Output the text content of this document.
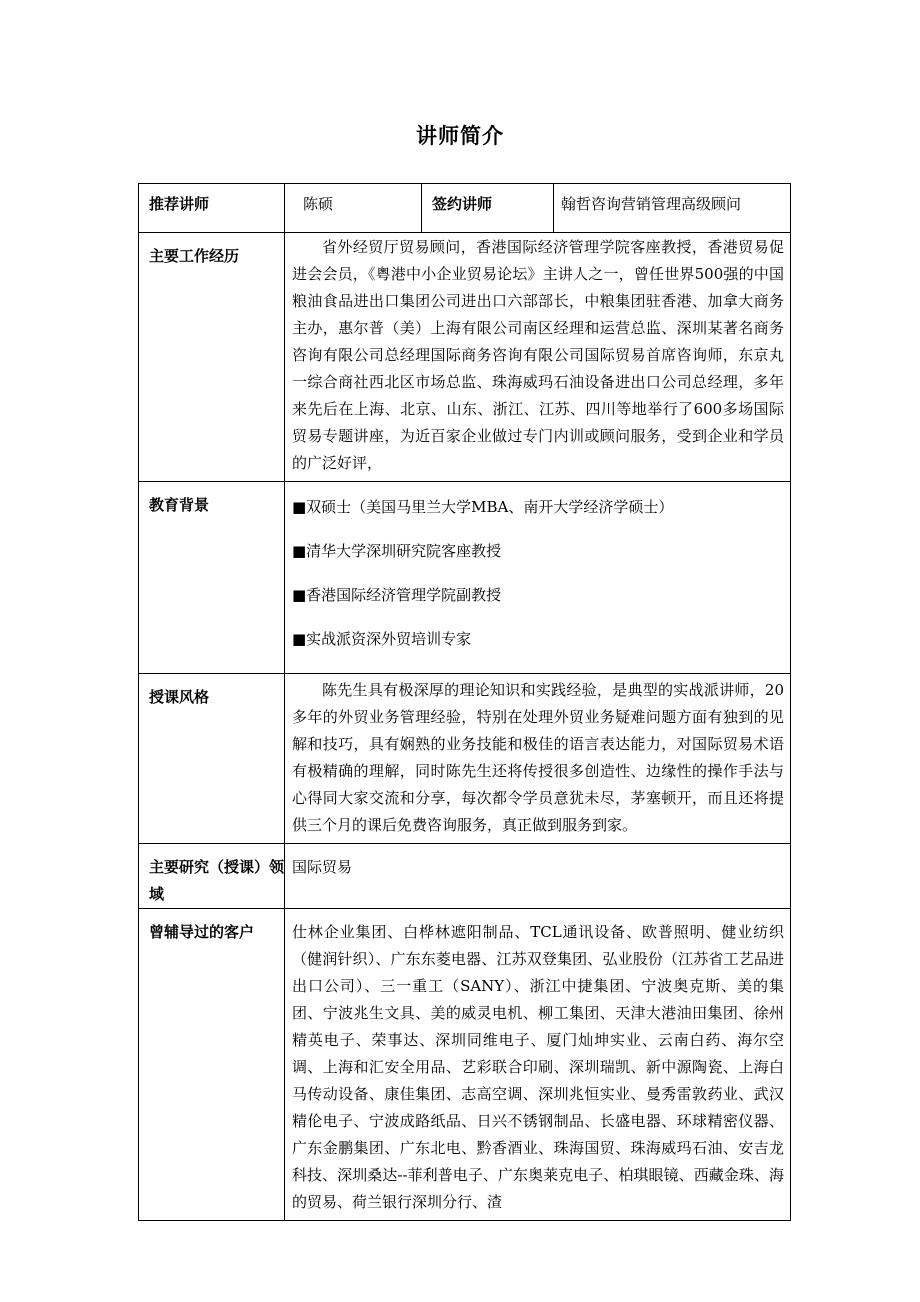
讲师简介
推荐讲师	陈硕	签约讲师	翰哲咨询营销管理高级顾问
主要工作经历	省外经贸厅贸易顾问，香港国际经济管理学院客座教授，香港贸易促进会会员，《粤港中小企业贸易论坛》主讲人之一，曾任世界500强的中国粮油食品进出口集团公司进出口六部部长，中粮集团驻香港、加拿大商务主办，惠尔普（美）上海有限公司南区经理和运营总监、深圳某著名商务咨询有限公司总经理国际商务咨询有限公司国际贸易首席咨询师，东京丸一综合商社西北区市场总监、珠海威玛石油设备进出口公司总经理，多年来先后在上海、北京、山东、浙江、江苏、四川等地举行了600多场国际贸易专题讲座，为近百家企业做过专门内训或顾问服务，受到企业和学员的广泛好评，		

教育背景	■双硕士（美国马里兰大学MBA、南开大学经济学硕士）

■清华大学深圳研究院客座教授

■香港国际经济管理学院副教授

■实战派资深外贸培训专家		

授课风格	陈先生具有极深厚的理论知识和实践经验，是典型的实战派讲师，20多年的外贸业务管理经验，特别在处理外贸业务疑难问题方面有独到的见解和技巧，具有娴熟的业务技能和极佳的语言表达能力，对国际贸易术语有极精确的理解，同时陈先生还将传授很多创造性、边缘性的操作手法与心得同大家交流和分享，每次都令学员意犹未尽，茅塞顿开，而且还将提供三个月的课后免费咨询服务，真正做到服务到家。		

主要研究（授课）领域	国际贸易		
曾辅导过的客户	仕林企业集团、白桦林遮阳制品、TCL通讯设备、欧普照明、健业纺织（健润针织）、广东东菱电器、江苏双登集团、弘业股份（江苏省工艺品进出口公司）、三一重工（SANY）、浙江中捷集团、宁波奥克斯、美的集团、宁波兆生文具、美的威灵电机、柳工集团、天津大港油田集团、徐州精英电子、荣事达、深圳同维电子、厦门灿坤实业、云南白药、海尔空调、上海和汇安全用品、艺彩联合印刷、深圳瑞凯、新中源陶瓷、上海白马传动设备、康佳集团、志高空调、深圳兆恒实业、曼秀雷敦药业、武汉精伦电子、宁波成路纸品、日兴不锈钢制品、长盛电器、环球精密仪器、广东金鹏集团、广东北电、黔香酒业、珠海国贸、珠海威玛石油、安吉龙科技、深圳桑达--菲利普电子、广东奥莱克电子、柏琪眼镜、西藏金珠、海的贸易、荷兰银行深圳分行、渣		
